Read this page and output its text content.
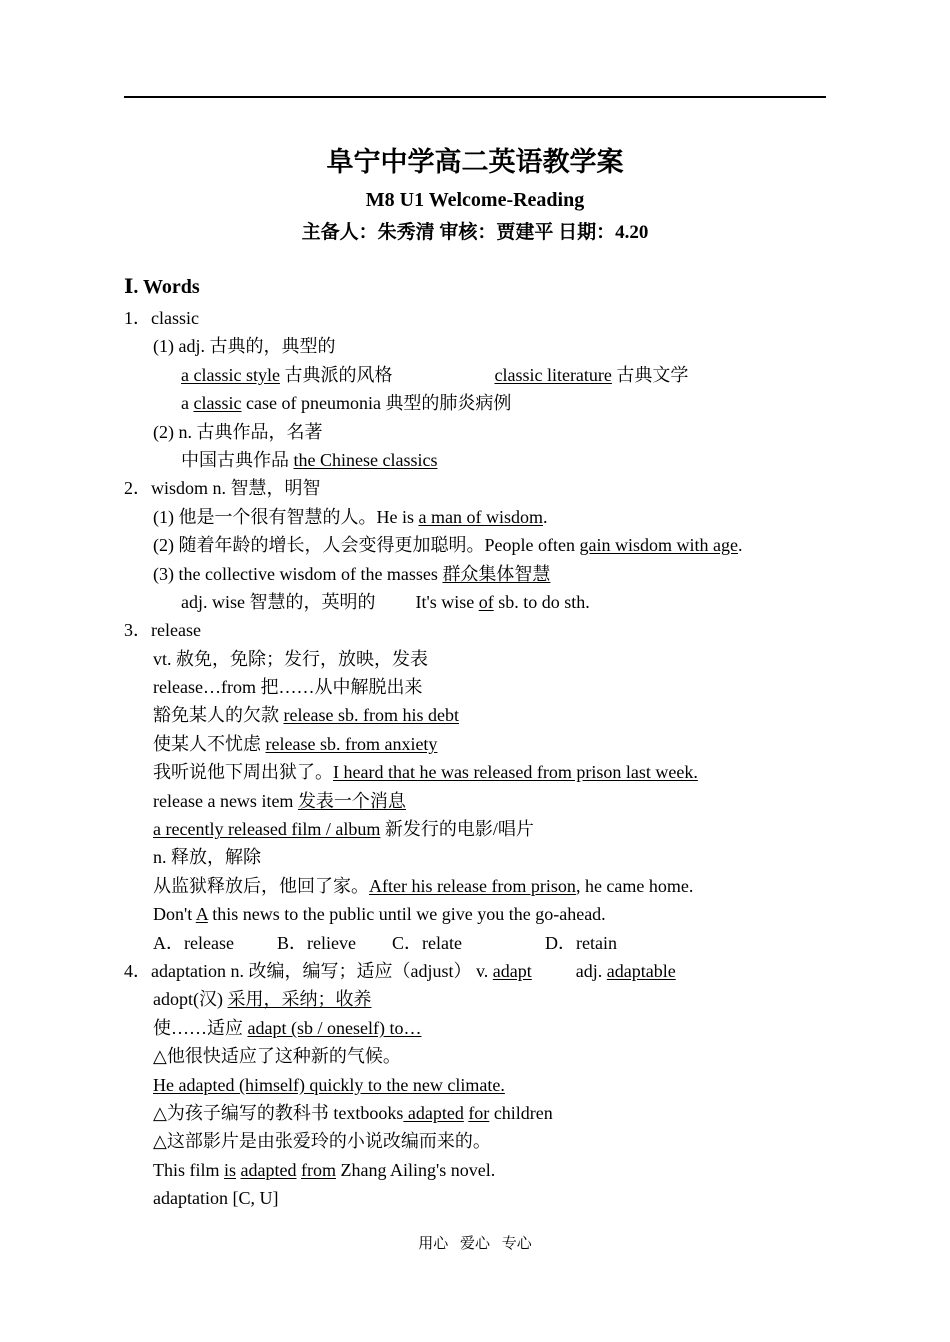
阜宁中学高二英语教学案
M8 U1 Welcome-Reading
主备人：朱秀清 审核：贾建平 日期：4.20
Ⅰ. Words
1．classic
(1) adj. 古典的，典型的
a classic style 古典派的风格	classic literature 古典文学
a classic case of pneumonia 典型的肺炎病例
(2) n. 古典作品，名著
中国古典作品 the Chinese classics
2．wisdom n. 智慧，明智
(1) 他是一个很有智慧的人。He is a man of wisdom.
(2) 随着年龄的增长，人会变得更加聪明。People often gain wisdom with age.
(3) the collective wisdom of the masses 群众集体智慧
adj. wise 智慧的，英明的 It's wise of sb. to do sth.
3．release
vt. 赦免，免除；发行，放映，发表
release…from 把……从中解脱出来
豁免某人的欠款 release sb. from his debt
使某人不忧虑 release sb. from anxiety
我听说他下周出狱了。I heard that he was released from prison last week.
release a news item 发表一个消息
a recently released film / album 新发行的电影/唱片
n. 释放，解除
从监狱释放后，他回了家。After his release from prison, he came home.
Don't A this news to the public until we give you the go-ahead.
A．release B．relieve C．relate	D．retain
4．adaptation n. 改编，编写；适应（adjust） v. adapt adj. adaptable
adopt(汉) 采用，采纳；收养
使……适应 adapt (sb / oneself) to…
△他很快适应了这种新的气候。
He adapted (himself) quickly to the new climate.
△为孩子编写的教科书 textbooks adapted for children
△这部影片是由张爱玲的小说改编而来的。
This film is adapted from Zhang Ailing's novel.
adaptation [C, U]
用心 爱心 专心
